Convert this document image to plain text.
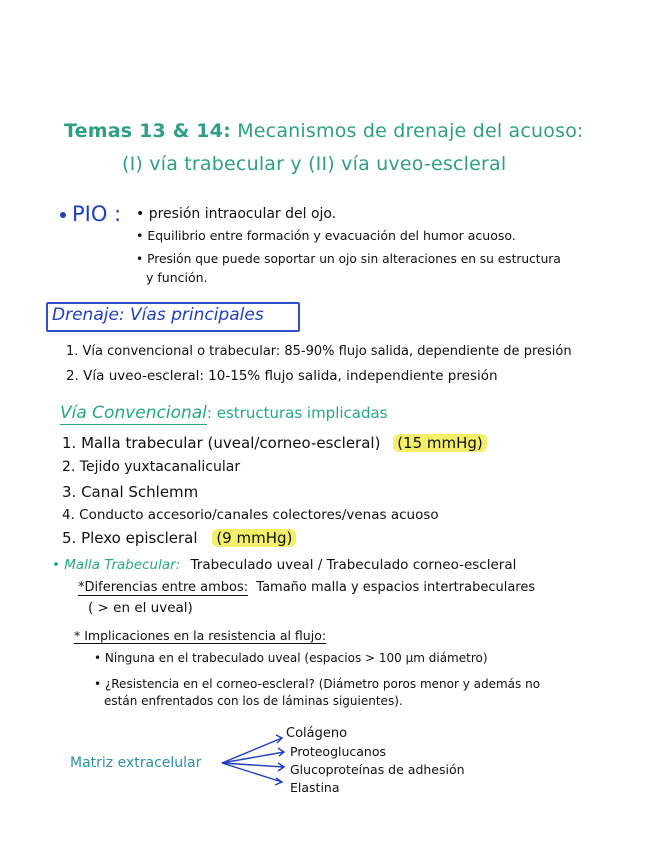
Temas 13 & 14: Mecanismos de drenaje del acuoso:
(I) vía trabecular y (II) vía uveo-escleral
PIO : • presión intraocular del ojo.
• Equilibrio entre formación y evacuación del humor acuoso.
• Presión que puede soportar un ojo sin alteraciones en su estructura
y función.
Drenaje: Vías principales
1. Vía convencional o trabecular: 85-90% flujo salida, dependiente de presión
2. Vía uveo-escleral: 10-15% flujo salida, independiente presión
Vía Convencional: estructuras implicadas
1. Malla trabecular (uveal/corneo-escleral) (15 mmHg)
2. Tejido yuxtacanalicular
3. Canal Schlemm
4. Conducto accesorio/canales colectores/venas acuoso
5. Plexo episcleral (9 mmHg)
• Malla Trabecular: Trabeculado uveal / Trabeculado corneo-escleral
*Diferencias entre ambos: Tamaño malla y espacios intertrabeculares
( > en el uveal)
* Implicaciones en la resistencia al flujo:
• Ninguna en el trabeculado uveal (espacios > 100 μm diámetro)
• ¿Resistencia en el corneo-escleral? (Diámetro poros menor y además no
están enfrentados con los de láminas siguientes).
Matriz extracelular
Colágeno
Proteoglucanos
Glucoproteínas de adhesión
Elastina
